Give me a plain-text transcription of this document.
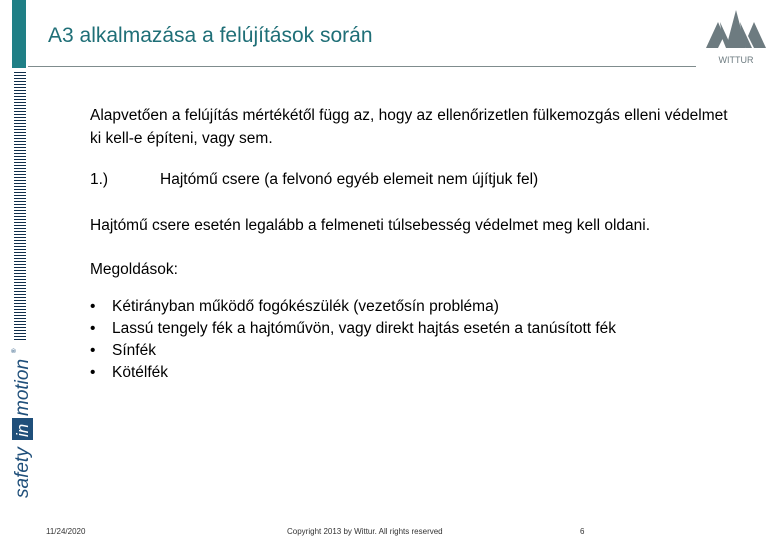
A3 alkalmazása a felújítások során
safety
in
motion
®
WITTUR

Alapvetően a felújítás mértékétől függ az, hogy az ellenőrizetlen fülkemozgás elleni védelmet ki kell-e építeni, vagy sem.

1.)	Hajtómű csere (a felvonó egyéb elemeit nem újítjuk fel)

Hajtómű csere esetén legalább a felmeneti túlsebesség védelmet meg kell oldani.

Megoldások:

•	Kétirányban működő fogókészülék (vezetősín probléma)
•	Lassú tengely fék a hajtóművön, vagy direkt hajtás esetén a tanúsított fék
•	Sínfék
•	Kötélfék
11/24/2020	Copyright 2013 by Wittur. All rights reserved	6
